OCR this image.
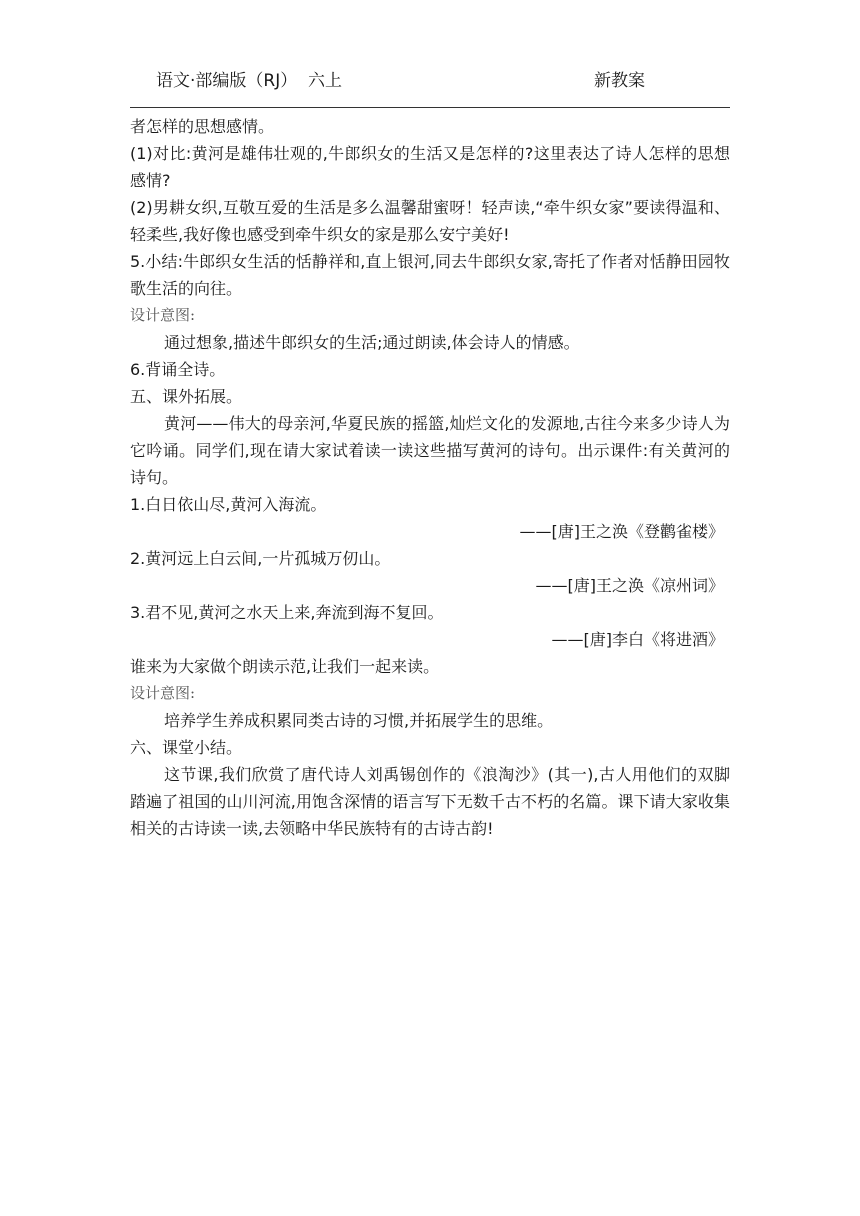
语文·部编版（RJ）  六上	新教案

者怎样的思想感情。

(1)对比:黄河是雄伟壮观的,牛郎织女的生活又是怎样的?这里表达了诗人怎样的思想感情?

(2)男耕女织,互敬互爱的生活是多么温馨甜蜜呀！轻声读,“牵牛织女家”要读得温和、轻柔些,我好像也感受到牵牛织女的家是那么安宁美好!

5.小结:牛郎织女生活的恬静祥和,直上银河,同去牛郎织女家,寄托了作者对恬静田园牧歌生活的向往。

设计意图:

通过想象,描述牛郎织女的生活;通过朗读,体会诗人的情感。

6.背诵全诗。

五、课外拓展。

黄河——伟大的母亲河,华夏民族的摇篮,灿烂文化的发源地,古往今来多少诗人为它吟诵。同学们,现在请大家试着读一读这些描写黄河的诗句。出示课件:有关黄河的诗句。

1.白日依山尽,黄河入海流。

——[唐]王之涣《登鹳雀楼》

2.黄河远上白云间,一片孤城万仞山。

——[唐]王之涣《凉州词》

3.君不见,黄河之水天上来,奔流到海不复回。

——[唐]李白《将进酒》

谁来为大家做个朗读示范,让我们一起来读。

设计意图:

培养学生养成积累同类古诗的习惯,并拓展学生的思维。

六、课堂小结。

这节课,我们欣赏了唐代诗人刘禹锡创作的《浪淘沙》(其一),古人用他们的双脚踏遍了祖国的山川河流,用饱含深情的语言写下无数千古不朽的名篇。课下请大家收集相关的古诗读一读,去领略中华民族特有的古诗古韵!
